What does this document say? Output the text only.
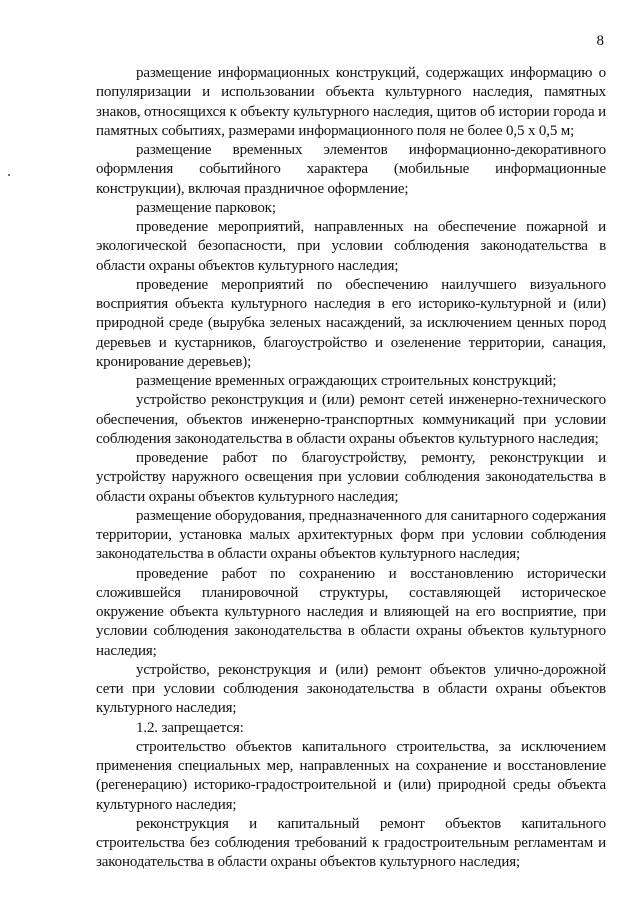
8

размещение информационных конструкций, содержащих информацию о популяризации и использовании объекта культурного наследия, памятных знаков, относящихся к объекту культурного наследия, щитов об истории города и памятных событиях, размерами информационного поля не более 0,5 х 0,5 м;

размещение временных элементов информационно-декоративного оформления событийного характера (мобильные информационные конструкции), включая праздничное оформление;

размещение парковок;

проведение мероприятий, направленных на обеспечение пожарной и экологической безопасности, при условии соблюдения законодательства в области охраны объектов культурного наследия;

проведение мероприятий по обеспечению наилучшего визуального восприятия объекта культурного наследия в его историко-культурной и (или) природной среде (вырубка зеленых насаждений, за исключением ценных пород деревьев и кустарников, благоустройство и озеленение территории, санация, кронирование деревьев);

размещение временных ограждающих строительных конструкций;

устройство реконструкция и (или) ремонт сетей инженерно-технического обеспечения, объектов инженерно-транспортных коммуникаций при условии соблюдения законодательства в области охраны объектов культурного наследия;

проведение работ по благоустройству, ремонту, реконструкции и устройству наружного освещения при условии соблюдения законодательства в области охраны объектов культурного наследия;

размещение оборудования, предназначенного для санитарного содержания территории, установка малых архитектурных форм при условии соблюдения законодательства в области охраны объектов культурного наследия;

проведение работ по сохранению и восстановлению исторически сложившейся планировочной структуры, составляющей историческое окружение объекта культурного наследия и влияющей на его восприятие, при условии соблюдения законодательства в области охраны объектов культурного наследия;

устройство, реконструкция и (или) ремонт объектов улично-дорожной сети при условии соблюдения законодательства в области охраны объектов культурного наследия;

1.2. запрещается:

строительство объектов капитального строительства, за исключением применения специальных мер, направленных на сохранение и восстановление (регенерацию) историко-градостроительной и (или) природной среды объекта культурного наследия;

реконструкция и капитальный ремонт объектов капитального строительства без соблюдения требований к градостроительным регламентам и законодательства в области охраны объектов культурного наследия;
